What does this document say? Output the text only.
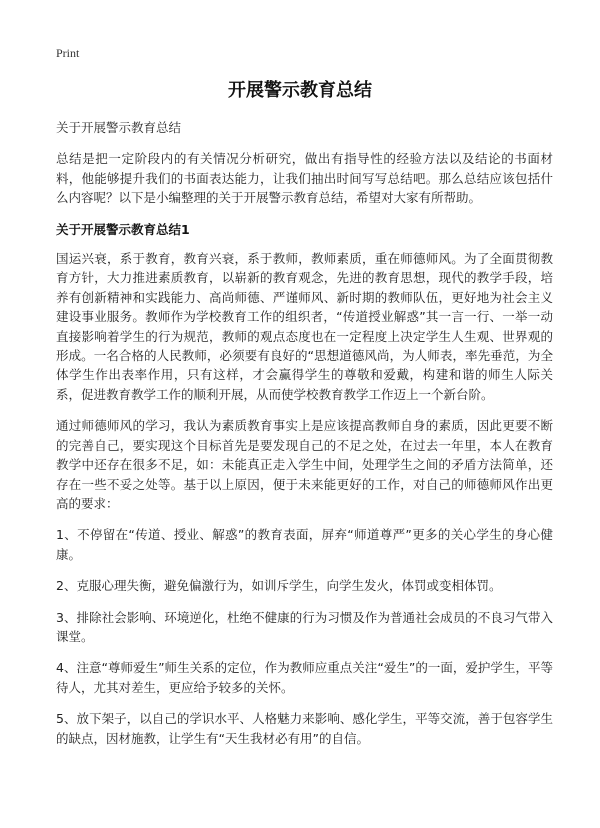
Print
开展警示教育总结

关于开展警示教育总结

总结是把一定阶段内的有关情况分析研究，做出有指导性的经验方法以及结论的书面材料，他能够提升我们的书面表达能力，让我们抽出时间写写总结吧。那么总结应该包括什么内容呢？以下是小编整理的关于开展警示教育总结，希望对大家有所帮助。

关于开展警示教育总结1

国运兴衰，系于教育，教育兴衰，系于教师，教师素质，重在师德师风。为了全面贯彻教育方针，大力推进素质教育，以崭新的教育观念，先进的教育思想，现代的教学手段，培养有创新精神和实践能力、高尚师德、严谨师风、新时期的教师队伍，更好地为社会主义建设事业服务。教师作为学校教育工作的组织者，“传道授业解惑”其一言一行、一举一动直接影响着学生的行为规范，教师的观点态度也在一定程度上决定学生人生观、世界观的形成。一名合格的人民教师，必须要有良好的“思想道德风尚，为人师表，率先垂范，为全体学生作出表率作用，只有这样，才会赢得学生的尊敬和爱戴，构建和谐的师生人际关系，促进教育教学工作的顺利开展，从而使学校教育教学工作迈上一个新台阶。

通过师德师风的学习，我认为素质教育事实上是应该提高教师自身的素质，因此更要不断的完善自己，要实现这个目标首先是要发现自己的不足之处，在过去一年里，本人在教育教学中还存在很多不足，如：未能真正走入学生中间，处理学生之间的矛盾方法简单，还存在一些不妥之处等。基于以上原因，便于未来能更好的工作，对自己的师德师风作出更高的要求：

1、不停留在“传道、授业、解惑”的教育表面，屏弃“师道尊严”更多的关心学生的身心健康。

2、克服心理失衡，避免偏激行为，如训斥学生，向学生发火，体罚或变相体罚。

3、排除社会影响、环境逆化，杜绝不健康的行为习惯及作为普通社会成员的不良习气带入课堂。

4、注意“尊师爱生”师生关系的定位，作为教师应重点关注“爱生”的一面，爱护学生，平等待人，尤其对差生，更应给予较多的关怀。

5、放下架子，以自己的学识水平、人格魅力来影响、感化学生，平等交流，善于包容学生的缺点，因材施教，让学生有“天生我材必有用”的自信。
